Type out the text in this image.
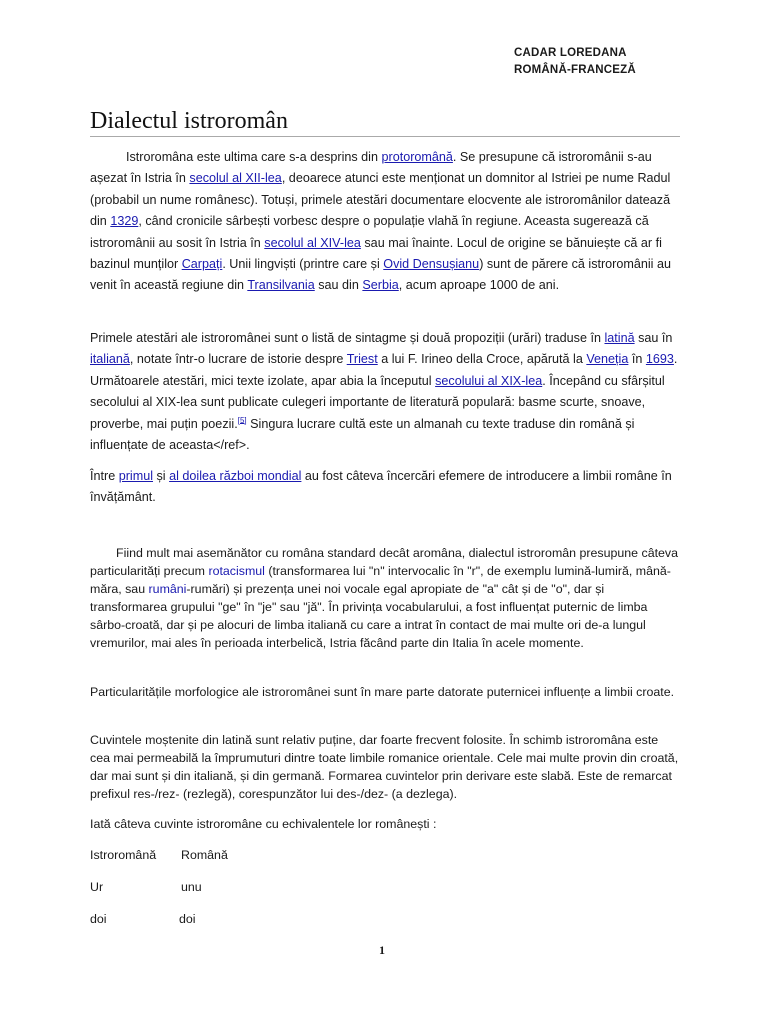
CADAR LOREDANA
ROMÂNĂ-FRANCEZĂ
Dialectul istroromân
Istroromâna este ultima care s-a desprins din protoromână. Se presupune că istroromânii s-au așezat în Istria în secolul al XII-lea, deoarece atunci este menționat un domnitor al Istriei pe nume Radul (probabil un nume românesc). Totuși, primele atestări documentare elocvente ale istroromânilor datează din 1329, când cronicile sârbești vorbesc despre o populație vlahă în regiune. Aceasta sugerează că istroromânii au sosit în Istria în secolul al XIV-lea sau mai înainte. Locul de origine se bănuiește că ar fi bazinul munților Carpați. Unii lingviști (printre care și Ovid Densușianu) sunt de părere că istroromânii au venit în această regiune din Transilvania sau din Serbia, acum aproape 1000 de ani.
Primele atestări ale istroromânei sunt o listă de sintagme și două propoziții (urări) traduse în latină sau în italiană, notate într-o lucrare de istorie despre Triest a lui F. Irineo della Croce, apărută la Veneția în 1693. Următoarele atestări, mici texte izolate, apar abia la începutul secolului al XIX-lea. Începând cu sfârșitul secolului al XIX-lea sunt publicate culegeri importante de literatură populară: basme scurte, snoave, proverbe, mai puțin poezii.[5] Singura lucrare cultă este un almanah cu texte traduse din română și influențate de aceasta</ref>.
Între primul și al doilea război mondial au fost câteva încercări efemere de introducere a limbii române în învățământ.
Fiind mult mai asemănător cu româna standard decât aromâna, dialectul istroromân presupune câteva particularități precum rotacismul (transformarea lui "n" intervocalic în "r", de exemplu lumină-lumiră, mână-măra, sau rumâni-rumări) și prezența unei noi vocale egal apropiate de "a" cât și de "o", dar și transformarea grupului "ge" în "je" sau "jă". În privința vocabularului, a fost influențat puternic de limba sârbo-croată, dar și pe alocuri de limba italiană cu care a intrat în contact de mai multe ori de-a lungul vremurilor, mai ales în perioada interbelică, Istria făcând parte din Italia în acele momente.
Particularitățile morfologice ale istroromânei sunt în mare parte datorate puternicei influențe a limbii croate.
Cuvintele moștenite din latină sunt relativ puține, dar foarte frecvent folosite. În schimb istroromâna este cea mai permeabilă la împrumuturi dintre toate limbile romanice orientale. Cele mai multe provin din croată, dar mai sunt și din italiană, și din germană. Formarea cuvintelor prin derivare este slabă. Este de remarcat prefixul res-/rez- (rezlegă), corespunzător lui des-/dez- (a dezlega).
Iată câteva cuvinte istroromâne cu echivalentele lor românești :
Istroromână Română
Ur	unu
doi	doi
1
